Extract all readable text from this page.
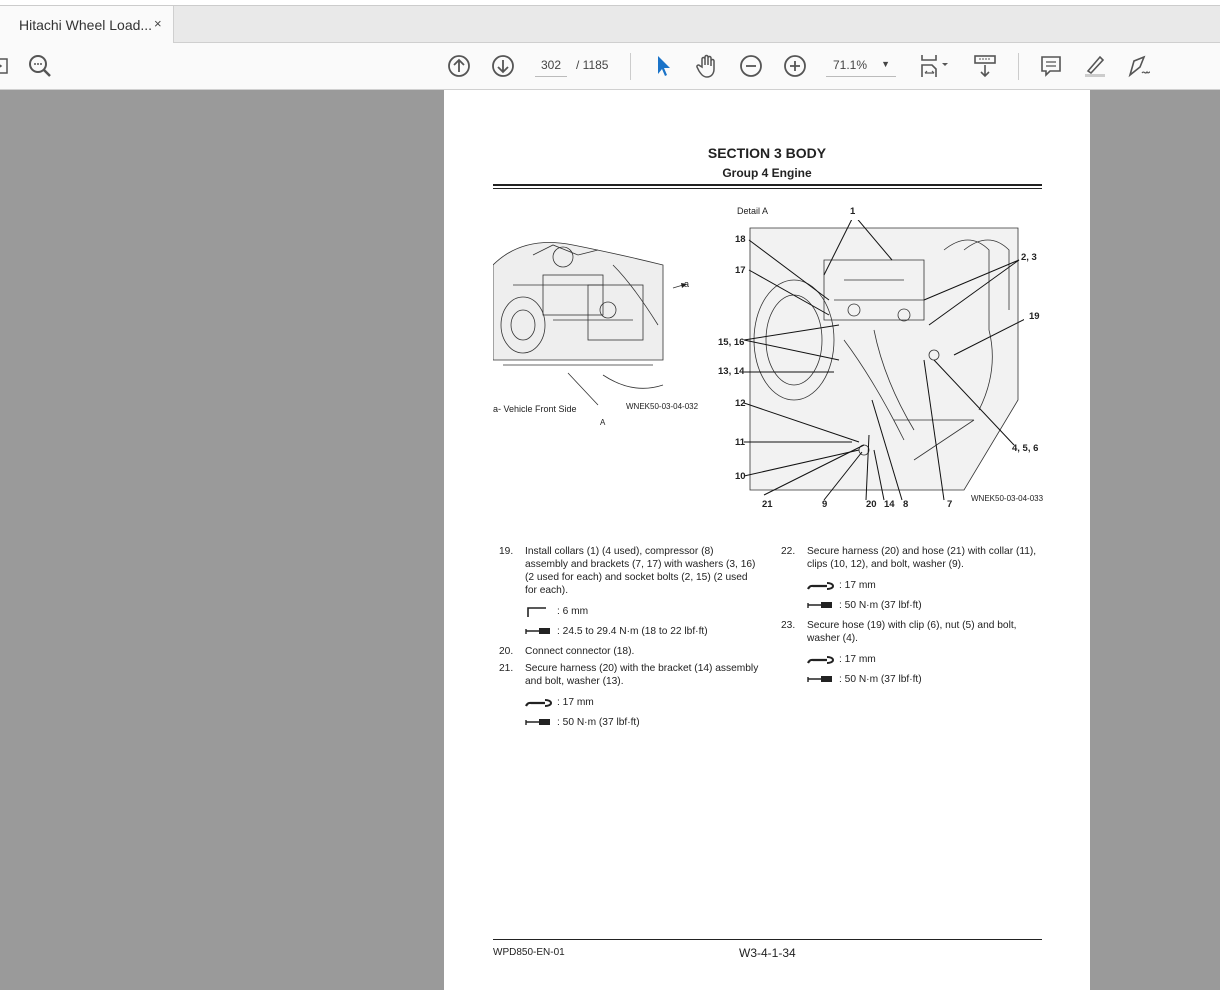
Hitachi Wheel Load... ×
302	/ 1185	71.1% ▼
SECTION 3 BODY
Group 4 Engine
a
a- Vehicle Front Side	WNEK50-03-04-032
A
Detail A	1
18
17
2, 3
19
15, 16
13, 14
12
11
10
4, 5, 6
21	9	20 14 8	7
WNEK50-03-04-033
19. Install collars (1) (4 used), compressor (8) assembly and brackets (7, 17) with washers (3, 16) (2 used for each) and socket bolts (2, 15) (2 used for each).
: 6 mm
: 24.5 to 29.4 N·m (18 to 22 lbf·ft)
20. Connect connector (18).
21. Secure harness (20) with the bracket (14) assembly and bolt, washer (13).
: 17 mm
: 50 N·m (37 lbf·ft)
22. Secure harness (20) and hose (21) with collar (11), clips (10, 12), and bolt, washer (9).
: 17 mm
: 50 N·m (37 lbf·ft)
23. Secure hose (19) with clip (6), nut (5) and bolt, washer (4).
: 17 mm
: 50 N·m (37 lbf·ft)
WPD850-EN-01	W3-4-1-34
